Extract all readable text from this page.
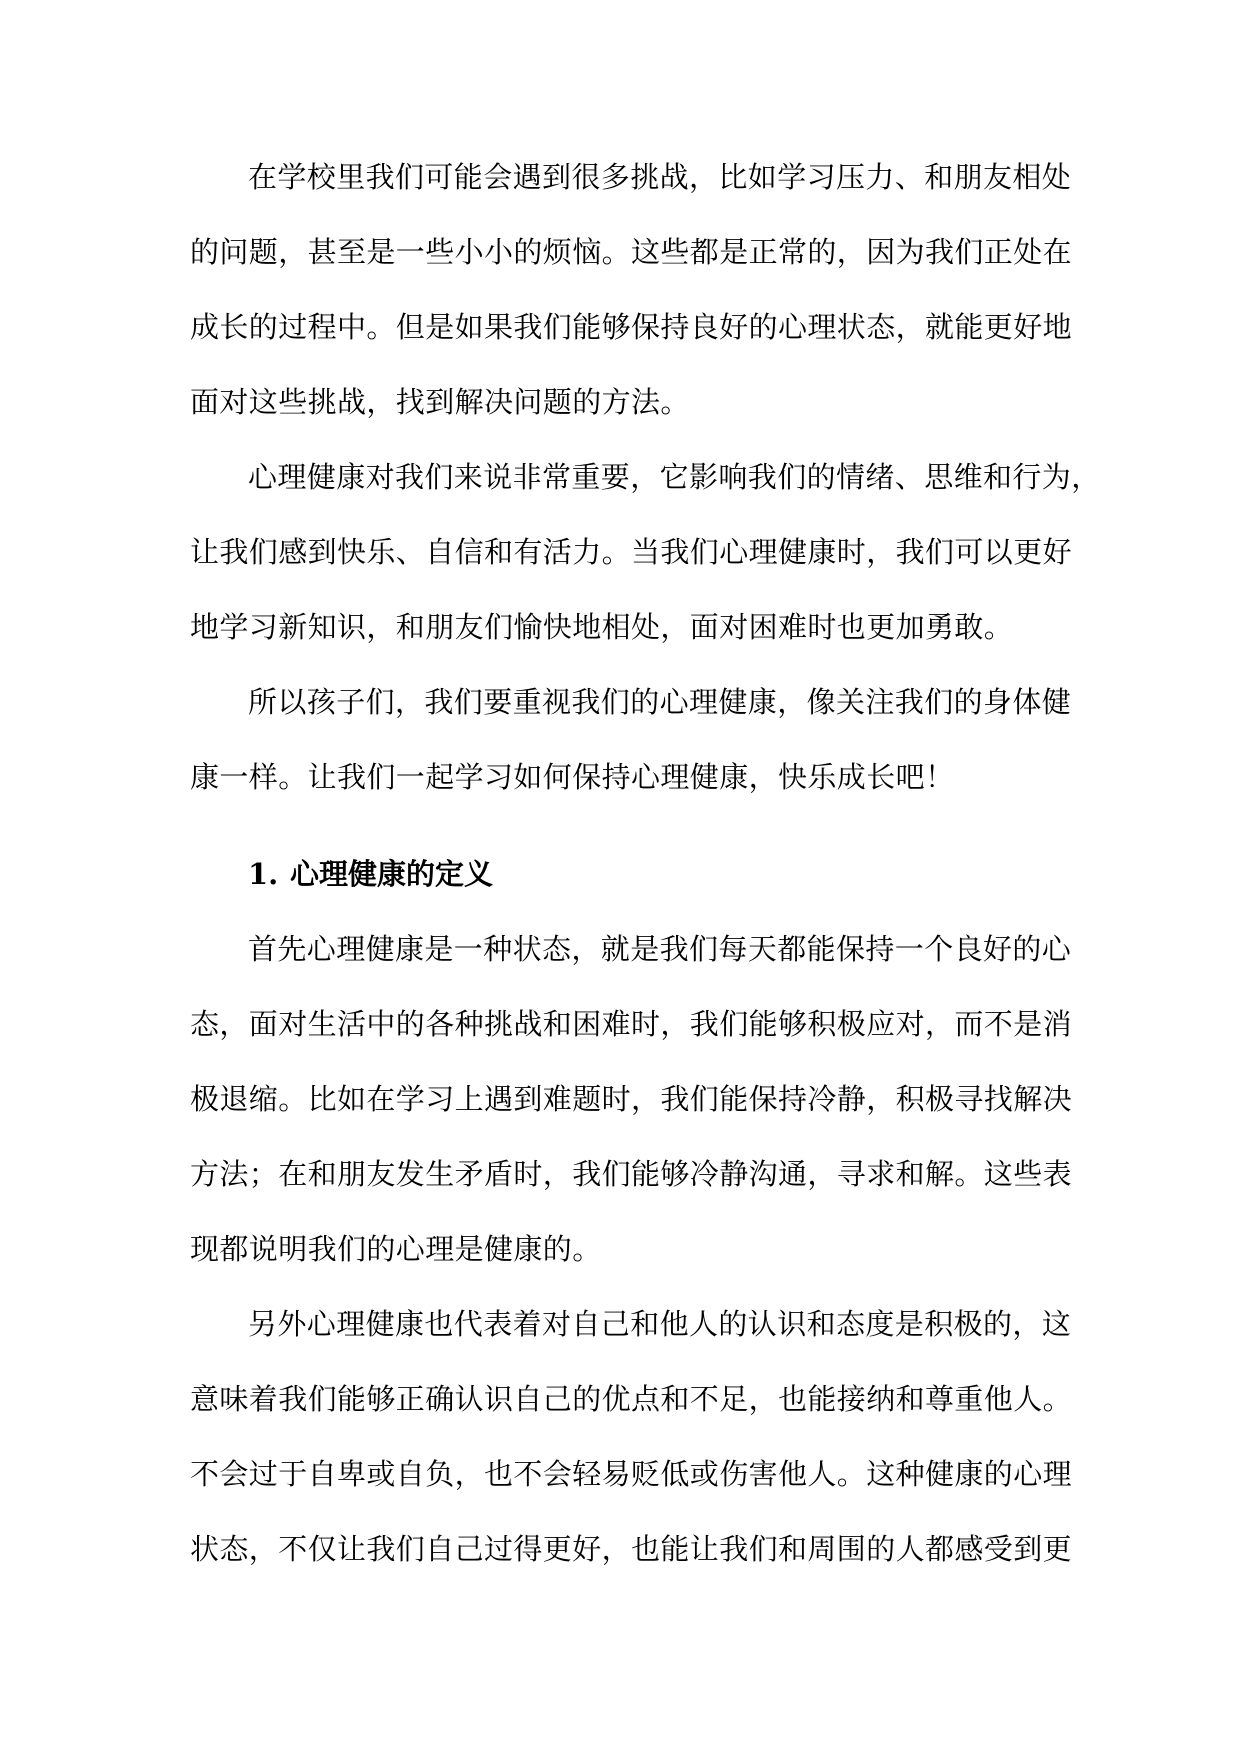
在学校里我们可能会遇到很多挑战，比如学习压力、和朋友相处
的问题，甚至是一些小小的烦恼。这些都是正常的，因为我们正处在
成长的过程中。但是如果我们能够保持良好的心理状态，就能更好地
面对这些挑战，找到解决问题的方法。
心理健康对我们来说非常重要，它影响我们的情绪、思维和行为，
让我们感到快乐、自信和有活力。当我们心理健康时，我们可以更好
地学习新知识，和朋友们愉快地相处，面对困难时也更加勇敢。
所以孩子们，我们要重视我们的心理健康，像关注我们的身体健
康一样。让我们一起学习如何保持心理健康，快乐成长吧！
1. 心理健康的定义
首先心理健康是一种状态，就是我们每天都能保持一个良好的心
态，面对生活中的各种挑战和困难时，我们能够积极应对，而不是消
极退缩。比如在学习上遇到难题时，我们能保持冷静，积极寻找解决
方法；在和朋友发生矛盾时，我们能够冷静沟通，寻求和解。这些表
现都说明我们的心理是健康的。
另外心理健康也代表着对自己和他人的认识和态度是积极的，这
意味着我们能够正确认识自己的优点和不足，也能接纳和尊重他人。
不会过于自卑或自负，也不会轻易贬低或伤害他人。这种健康的心理
状态，不仅让我们自己过得更好，也能让我们和周围的人都感受到更
